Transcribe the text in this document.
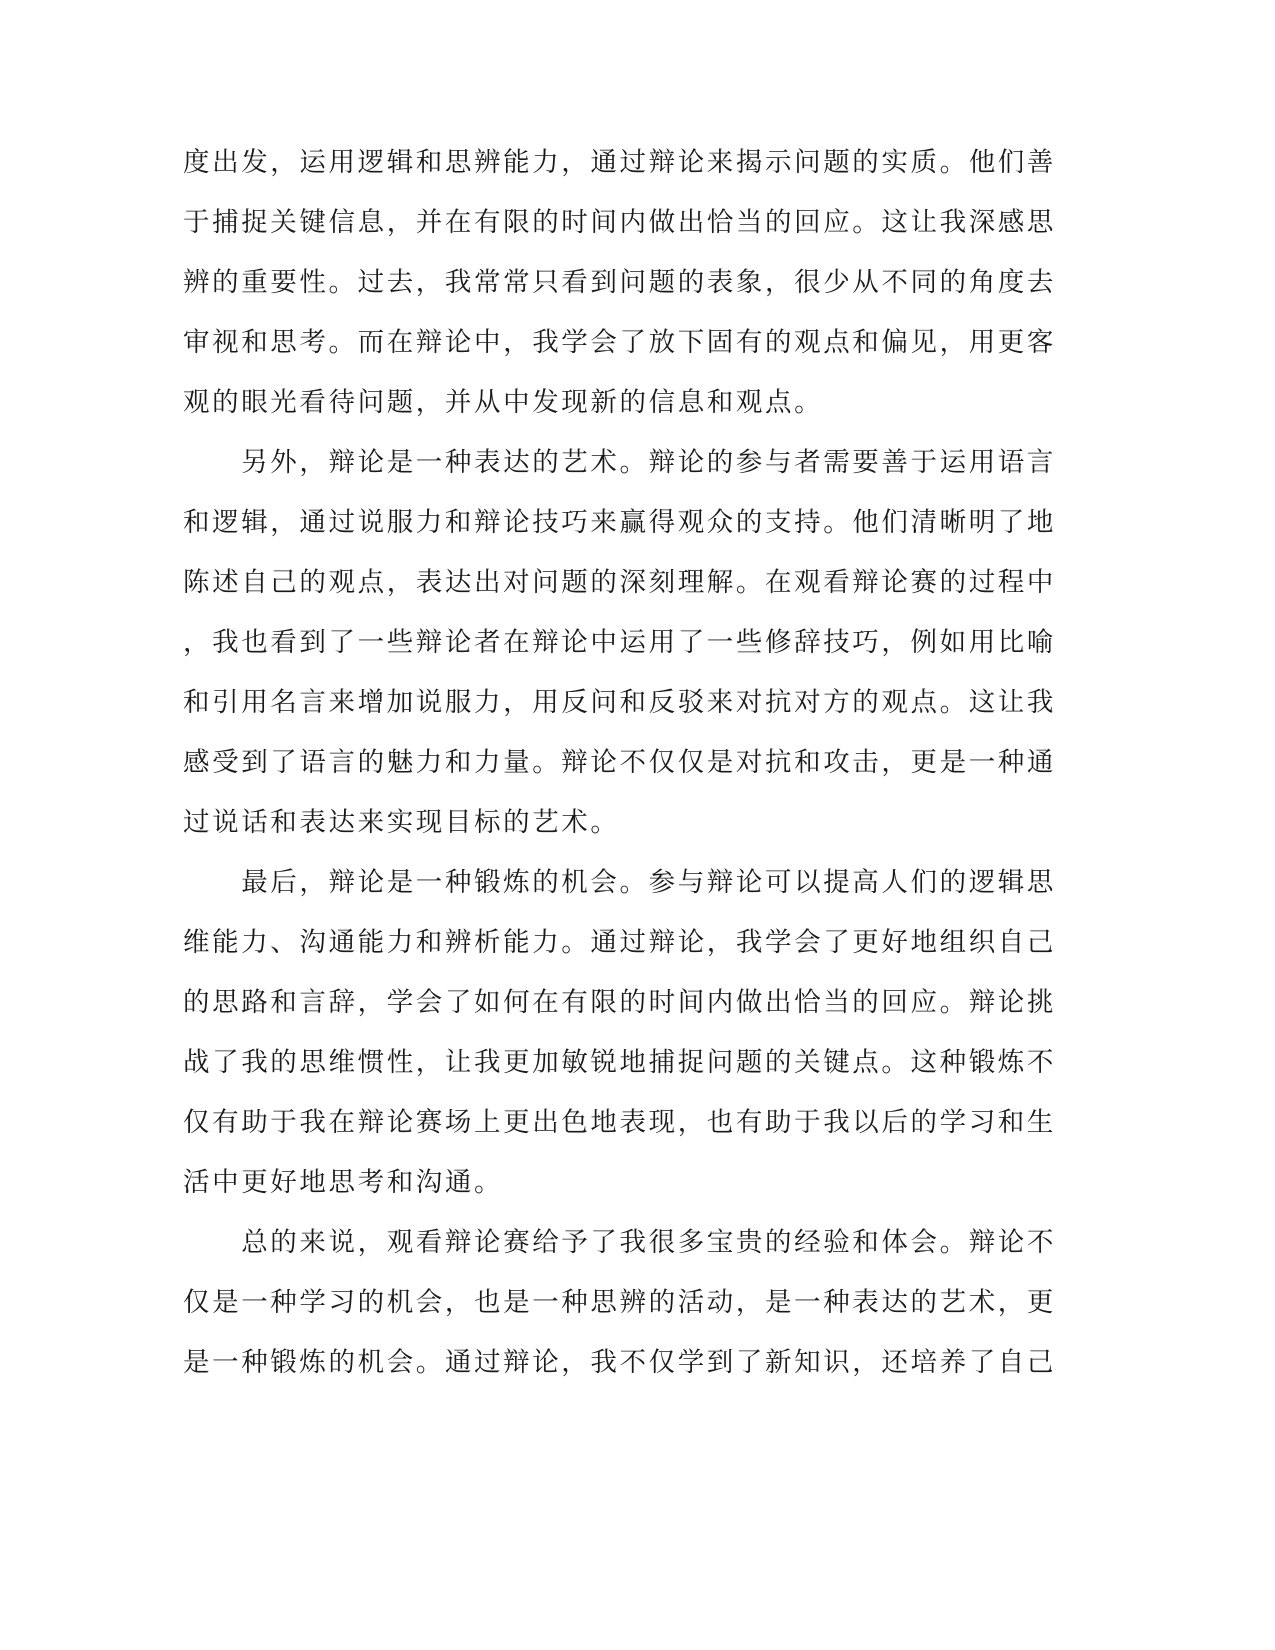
度出发，运用逻辑和思辨能力，通过辩论来揭示问题的实质。他们善
于捕捉关键信息，并在有限的时间内做出恰当的回应。这让我深感思
辨的重要性。过去，我常常只看到问题的表象，很少从不同的角度去
审视和思考。而在辩论中，我学会了放下固有的观点和偏见，用更客
观的眼光看待问题，并从中发现新的信息和观点。
　　另外，辩论是一种表达的艺术。辩论的参与者需要善于运用语言
和逻辑，通过说服力和辩论技巧来赢得观众的支持。他们清晰明了地
陈述自己的观点，表达出对问题的深刻理解。在观看辩论赛的过程中
，我也看到了一些辩论者在辩论中运用了一些修辞技巧，例如用比喻
和引用名言来增加说服力，用反问和反驳来对抗对方的观点。这让我
感受到了语言的魅力和力量。辩论不仅仅是对抗和攻击，更是一种通
过说话和表达来实现目标的艺术。
　　最后，辩论是一种锻炼的机会。参与辩论可以提高人们的逻辑思
维能力、沟通能力和辨析能力。通过辩论，我学会了更好地组织自己
的思路和言辞，学会了如何在有限的时间内做出恰当的回应。辩论挑
战了我的思维惯性，让我更加敏锐地捕捉问题的关键点。这种锻炼不
仅有助于我在辩论赛场上更出色地表现，也有助于我以后的学习和生
活中更好地思考和沟通。
　　总的来说，观看辩论赛给予了我很多宝贵的经验和体会。辩论不
仅是一种学习的机会，也是一种思辨的活动，是一种表达的艺术，更
是一种锻炼的机会。通过辩论，我不仅学到了新知识，还培养了自己
